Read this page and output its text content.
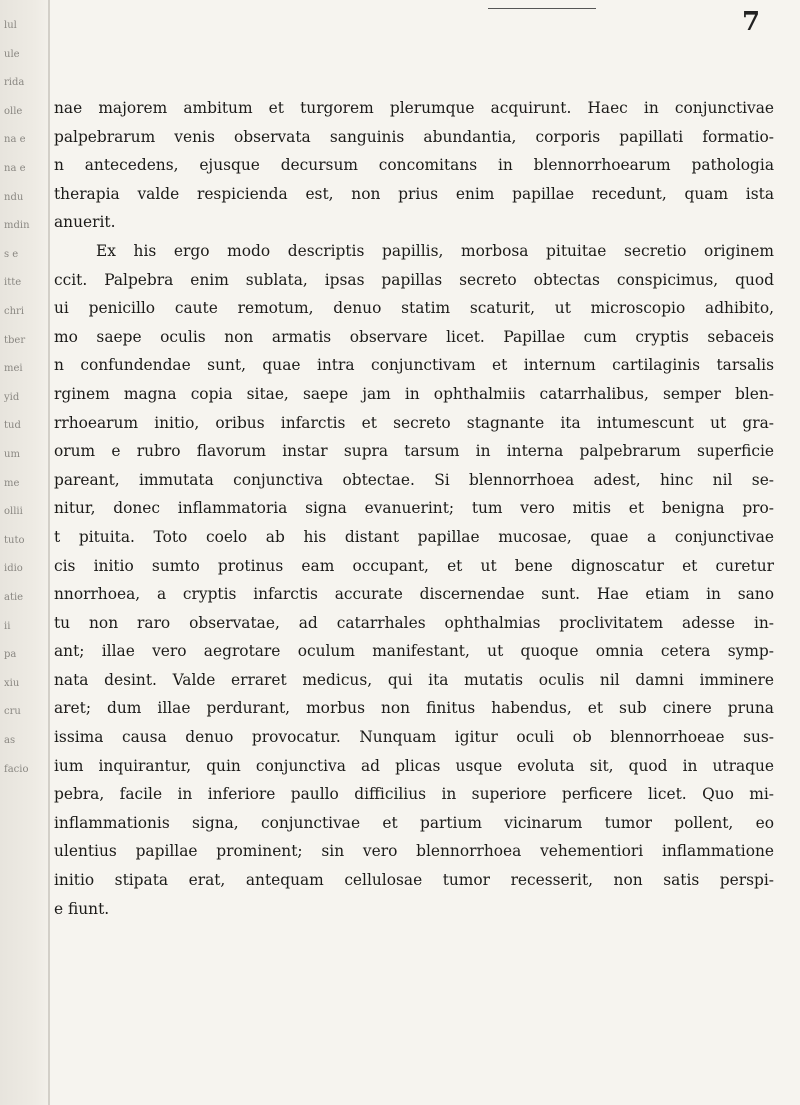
lul
ule
rida
olle
na e
na e
ndu
mdin
s e
itte
chri
tber
mei
yid
tud
um
me
ollii
tuto
idio
atie
ii
pa
xiu
cru
as
facio
7
nae majorem ambitum et turgorem plerumque acquirunt. Haec in conjunctivae
palpebrarum venis observata sanguinis abundantia, corporis papillati formatio-
n antecedens, ejusque decursum concomitans in blennorrhoearum pathologia
therapia valde respicienda est, non prius enim papillae recedunt, quam ista
anuerit.
Ex his ergo modo descriptis papillis, morbosa pituitae secretio originem
ccit. Palpebra enim sublata, ipsas papillas secreto obtectas conspicimus, quod
ui penicillo caute remotum, denuo statim scaturit, ut microscopio adhibito,
mo saepe oculis non armatis observare licet. Papillae cum cryptis sebaceis
n confundendae sunt, quae intra conjunctivam et internum cartilaginis tarsalis
rginem magna copia sitae, saepe jam in ophthalmiis catarrhalibus, semper blen-
rrhoearum initio, oribus infarctis et secreto stagnante ita intumescunt ut gra-
orum e rubro flavorum instar supra tarsum in interna palpebrarum superficie
pareant, immutata conjunctiva obtectae. Si blennorrhoea adest, hinc nil se-
nitur, donec inflammatoria signa evanuerint; tum vero mitis et benigna pro-
t pituita. Toto coelo ab his distant papillae mucosae, quae a conjunctivae
cis initio sumto protinus eam occupant, et ut bene dignoscatur et curetur
nnorrhoea, a cryptis infarctis accurate discernendae sunt. Hae etiam in sano
tu non raro observatae, ad catarrhales ophthalmias proclivitatem adesse in-
ant; illae vero aegrotare oculum manifestant, ut quoque omnia cetera symp-
nata desint. Valde erraret medicus, qui ita mutatis oculis nil damni imminere
aret; dum illae perdurant, morbus non finitus habendus, et sub cinere pruna
issima causa denuo provocatur. Nunquam igitur oculi ob blennorrhoeae sus-
ium inquirantur, quin conjunctiva ad plicas usque evoluta sit, quod in utraque
pebra, facile in inferiore paullo difficilius in superiore perficere licet. Quo mi-
inflammationis signa, conjunctivae et partium vicinarum tumor pollent, eo
ulentius papillae prominent; sin vero blennorrhoea vehementiori inflammatione
initio stipata erat, antequam cellulosae tumor recesserit, non satis perspi-
e fiunt.
